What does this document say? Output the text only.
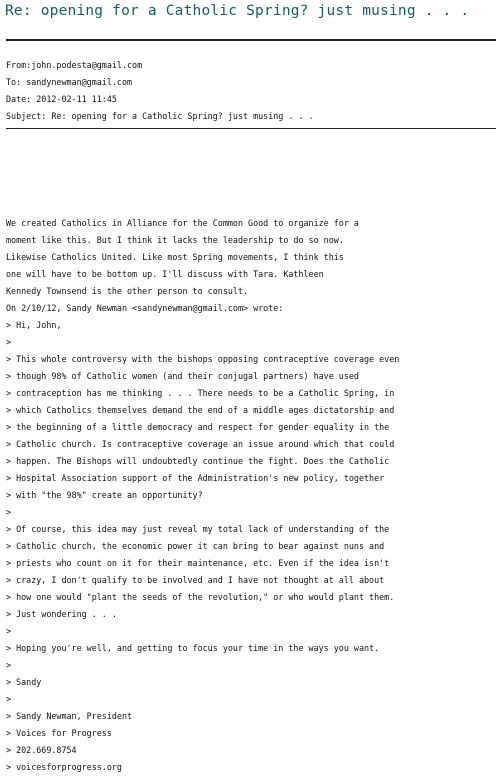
Re: opening for a Catholic Spring? just musing . . .
From:john.podesta@gmail.com
To: sandynewman@gmail.com
Date: 2012-02-11 11:45
Subject: Re: opening for a Catholic Spring? just musing . . .
We created Catholics in Alliance for the Common Good to organize for a
moment like this. But I think it lacks the leadership to do so now.
Likewise Catholics United. Like most Spring movements, I think this
one will have to be bottom up. I'll discuss with Tara. Kathleen
Kennedy Townsend is the other person to consult.
On 2/10/12, Sandy Newman <sandynewman@gmail.com> wrote:
> Hi, John,
>
> This whole controversy with the bishops opposing contraceptive coverage even
> though 98% of Catholic women (and their conjugal partners) have used
> contraception has me thinking . . . There needs to be a Catholic Spring, in
> which Catholics themselves demand the end of a middle ages dictatorship and
> the beginning of a little democracy and respect for gender equality in the
> Catholic church. Is contraceptive coverage an issue around which that could
> happen. The Bishops will undoubtedly continue the fight. Does the Catholic
> Hospital Association support of the Administration's new policy, together
> with "the 98%" create an opportunity?
>
> Of course, this idea may just reveal my total lack of understanding of the
> Catholic church, the economic power it can bring to bear against nuns and
> priests who count on it for their maintenance, etc. Even if the idea isn't
> crazy, I don't qualify to be involved and I have not thought at all about
> how one would "plant the seeds of the revolution," or who would plant them.
> Just wondering . . .
>
> Hoping you're well, and getting to focus your time in the ways you want.
>
> Sandy
>
> Sandy Newman, President
> Voices for Progress
> 202.669.8754
> voicesforprogress.org
